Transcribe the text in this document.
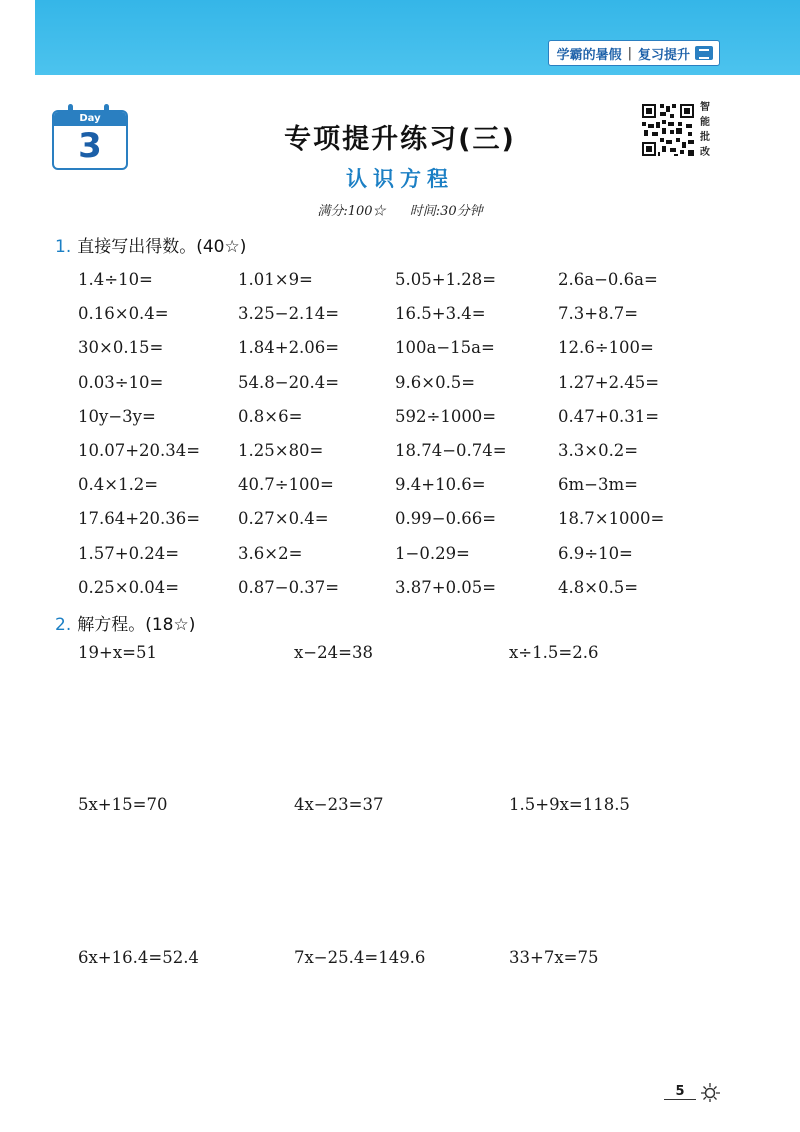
学霸的暑假 | 复习提升
Day
3	专项提升练习(三)
认识方程
满分:100☆ 时间:30分钟
智能批改
1. 直接写出得数。(40☆)
1.4÷10=	1.01×9=	5.05+1.28=	2.6a−0.6a=
0.16×0.4=	3.25−2.14=	16.5+3.4=	7.3+8.7=
30×0.15=	1.84+2.06=	100a−15a=	12.6÷100=
0.03÷10=	54.8−20.4=	9.6×0.5=	1.27+2.45=
10y−3y=	0.8×6=	592÷1000=	0.47+0.31=
10.07+20.34=	1.25×80=	18.74−0.74=	3.3×0.2=
0.4×1.2=	40.7÷100=	9.4+10.6=	6m−3m=
17.64+20.36=	0.27×0.4=	0.99−0.66=	18.7×1000=
1.57+0.24=	3.6×2=	1−0.29=	6.9÷10=
0.25×0.04=	0.87−0.37=	3.87+0.05=	4.8×0.5=
2. 解方程。(18☆)
19+x=51	x−24=38	x÷1.5=2.6
5x+15=70	4x−23=37	1.5+9x=118.5
6x+16.4=52.4	7x−25.4=149.6	33+7x=75
5
